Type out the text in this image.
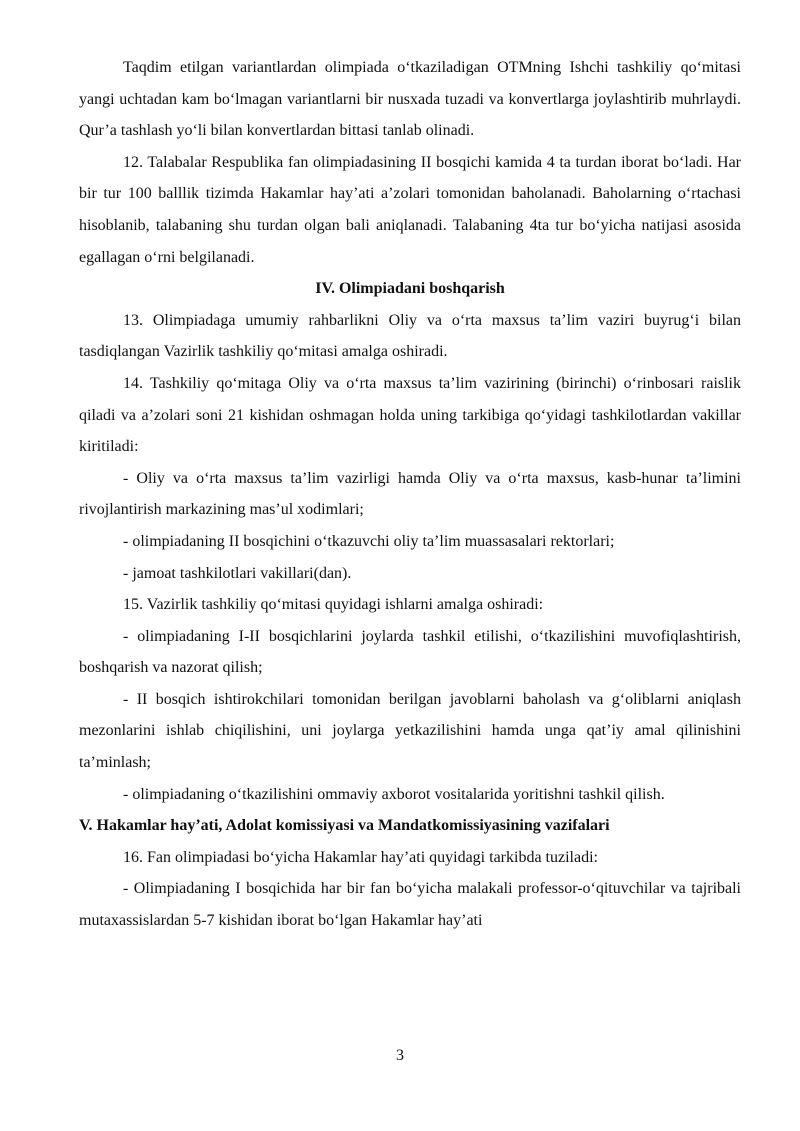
Taqdim etilgan variantlardan olimpiada o‘tkaziladigan OTMning Ishchi tashkiliy qo‘mitasi yangi uchtadan kam bo‘lmagan variantlarni bir nusxada tuzadi va konvertlarga joylashtirib muhrlaydi. Qur’a tashlash yo‘li bilan konvertlardan bittasi tanlab olinadi.

12. Talabalar Respublika fan olimpiadasining II bosqichi kamida 4 ta turdan iborat bo‘ladi. Har bir tur 100 balllik tizimda Hakamlar hay’ati a’zolari tomonidan baholanadi. Baholarning o‘rtachasi hisoblanib, talabaning shu turdan olgan bali aniqlanadi. Talabaning 4ta tur bo‘yicha natijasi asosida egallagan o‘rni belgilanadi.

IV. Olimpiadani boshqarish

13. Olimpiadaga umumiy rahbarlikni Oliy va o‘rta maxsus ta’lim vaziri buyrug‘i bilan tasdiqlangan Vazirlik tashkiliy qo‘mitasi amalga oshiradi.

14. Tashkiliy qo‘mitaga Oliy va o‘rta maxsus ta’lim vazirining (birinchi) o‘rinbosari raislik qiladi va a’zolari soni 21 kishidan oshmagan holda uning tarkibiga qo‘yidagi tashkilotlardan vakillar kiritiladi:

- Oliy va o‘rta maxsus ta’lim vazirligi hamda Oliy va o‘rta maxsus, kasb-hunar ta’limini rivojlantirish markazining mas’ul xodimlari;

- olimpiadaning II bosqichini o‘tkazuvchi oliy ta’lim muassasalari rektorlari;

- jamoat tashkilotlari vakillari(dan).

15. Vazirlik tashkiliy qo‘mitasi quyidagi ishlarni amalga oshiradi:

- olimpiadaning I-II bosqichlarini joylarda tashkil etilishi, o‘tkazilishini muvofiqlashtirish, boshqarish va nazorat qilish;

- II bosqich ishtirokchilari tomonidan berilgan javoblarni baholash va g‘oliblarni aniqlash mezonlarini ishlab chiqilishini, uni joylarga yetkazilishini hamda unga qat’iy amal qilinishini ta’minlash;

- olimpiadaning o‘tkazilishini ommaviy axborot vositalarida yoritishni tashkil qilish.

V. Hakamlar hay’ati, Adolat komissiyasi va Mandatkomissiyasining vazifalari

16. Fan olimpiadasi bo‘yicha Hakamlar hay’ati quyidagi tarkibda tuziladi:

- Olimpiadaning I bosqichida har bir fan bo‘yicha malakali professor-o‘qituvchilar va tajribali mutaxassislardan 5-7 kishidan iborat bo‘lgan Hakamlar hay’ati

3
